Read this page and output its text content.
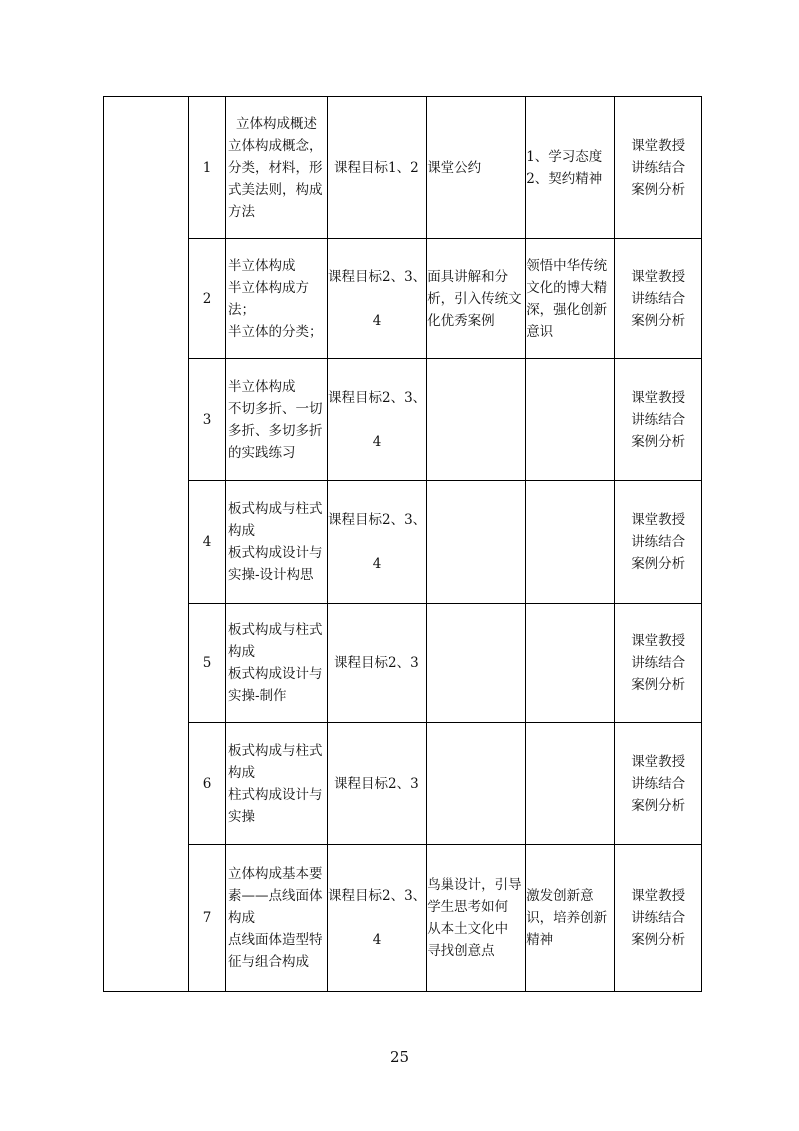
	1	立体构成概述
立体构成概念，
分类，材料，形
式美法则，构成
方法	课程目标1、2	课堂公约	1、学习态度
2、契约精神	课堂教授
讲练结合
案例分析

	2	半立体构成
半立体构成方
法；
半立体的分类；	课程目标2、3、

4	面具讲解和分
析，引入传统文
化优秀案例	领悟中华传统
文化的博大精
深，强化创新
意识	课堂教授
讲练结合
案例分析

	3	半立体构成
不切多折、一切
多折、多切多折
的实践练习	课程目标2、3、

4			课堂教授
讲练结合
案例分析

	4	板式构成与柱式
构成
板式构成设计与
实操-设计构思	课程目标2、3、

4			课堂教授
讲练结合
案例分析

	5	板式构成与柱式
构成
板式构成设计与
实操-制作	课程目标2、3			课堂教授
讲练结合
案例分析

	6	板式构成与柱式
构成
柱式构成设计与
实操	课程目标2、3			课堂教授
讲练结合
案例分析

	7	立体构成基本要
素——点线面体
构成
点线面体造型特
征与组合构成	课程目标2、3、

4	鸟巢设计，引导
学生思考如何
从本土文化中
寻找创意点	激发创新意
识，培养创新
精神	课堂教授
讲练结合
案例分析
25
